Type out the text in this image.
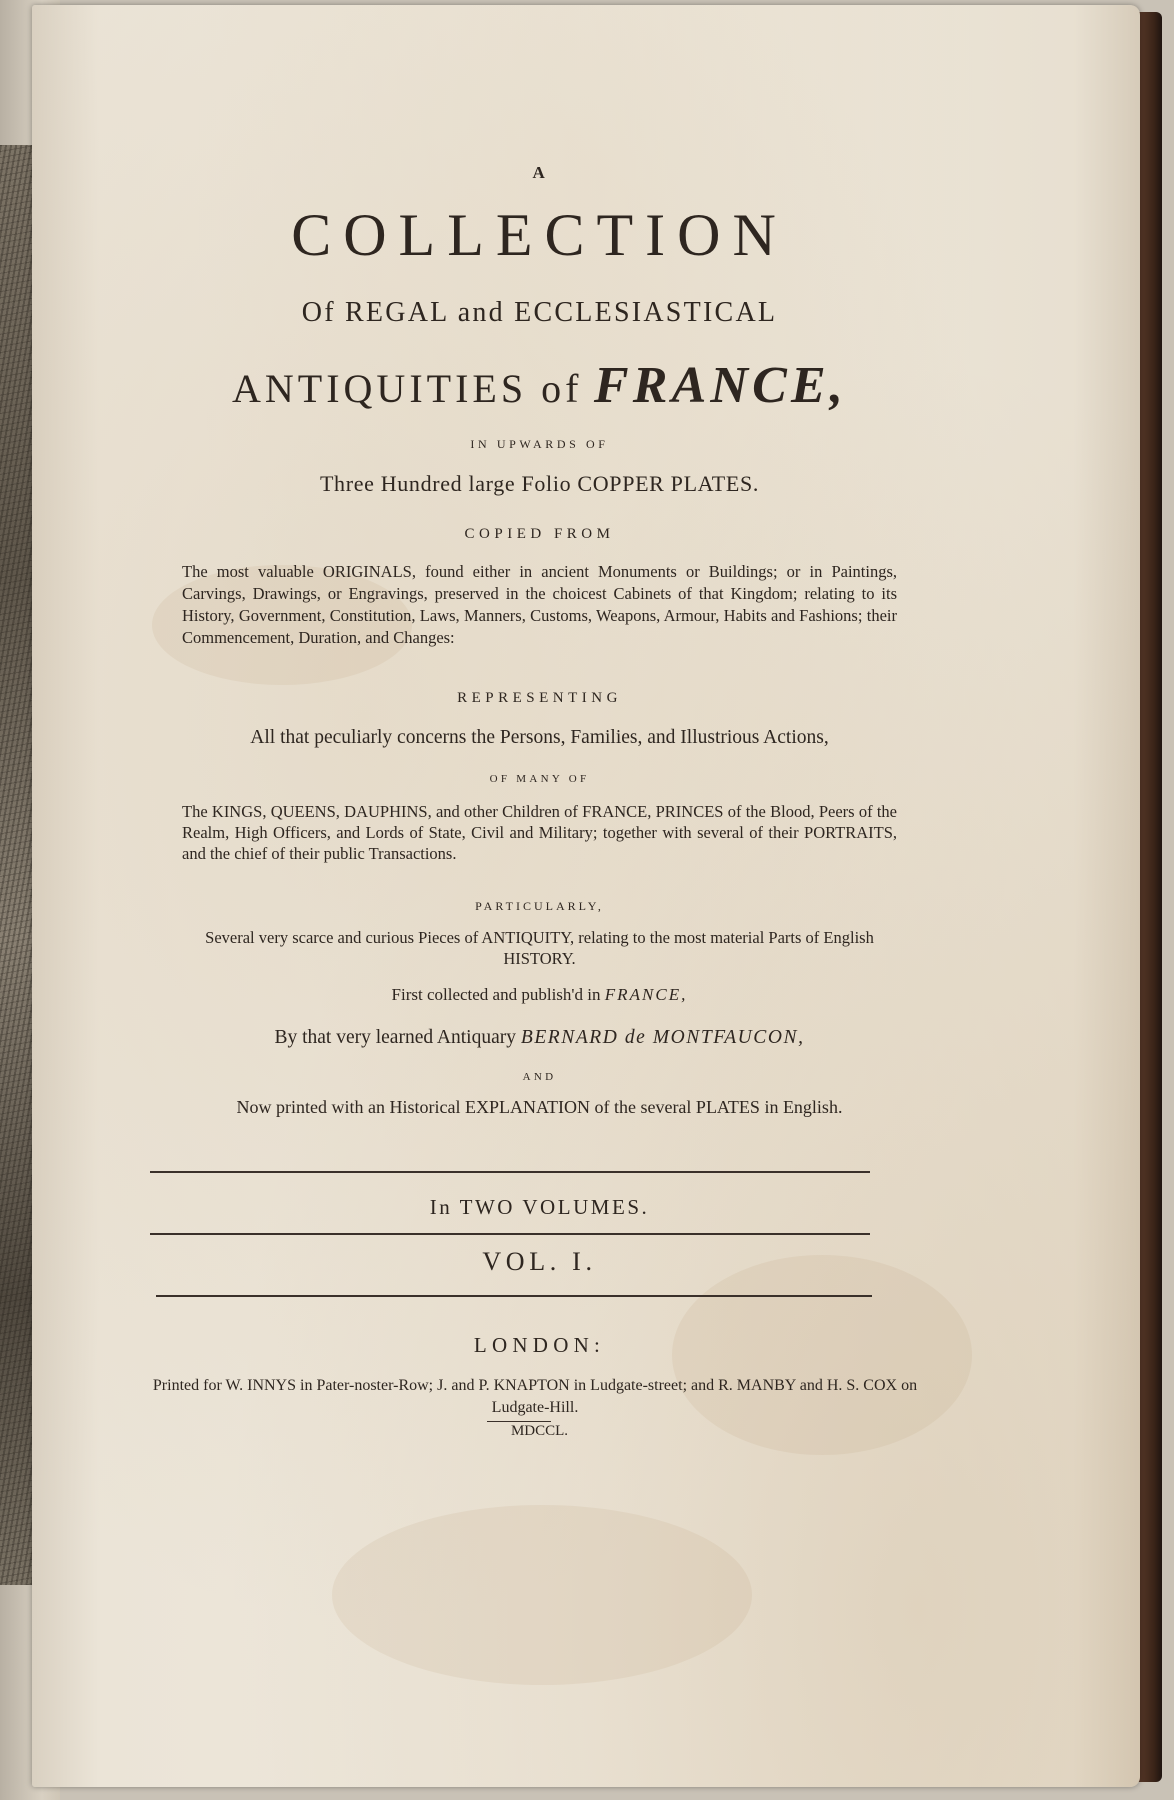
A
COLLECTION
Of REGAL and ECCLESIASTICAL
ANTIQUITIES of FRANCE,
IN UPWARDS OF
Three Hundred large Folio COPPER PLATES.
COPIED FROM
The most valuable ORIGINALS, found either in ancient Monuments or Buildings; or in Paintings, Carvings, Drawings, or Engravings, preserved in the choicest Cabinets of that Kingdom; relating to its History, Government, Constitution, Laws, Manners, Customs, Weapons, Armour, Habits and Fashions; their Commencement, Duration, and Changes:
REPRESENTING
All that peculiarly concerns the Persons, Families, and Illustrious Actions,
OF MANY OF
The KINGS, QUEENS, DAUPHINS, and other Children of FRANCE, PRINCES of the Blood, Peers of the Realm, High Officers, and Lords of State, Civil and Military; together with several of their PORTRAITS, and the chief of their public Transactions.
PARTICULARLY,
Several very scarce and curious Pieces of ANTIQUITY, relating to the most material Parts of English HISTORY.
First collected and publish'd in FRANCE,
By that very learned Antiquary BERNARD de MONTFAUCON,
AND
Now printed with an Historical EXPLANATION of the several PLATES in English.
In TWO VOLUMES.
VOL. I.
LONDON:
Printed for W. INNYS in Pater-noster-Row; J. and P. KNAPTON in Ludgate-street; and R. MANBY and H. S. COX on Ludgate-Hill.
MDCCL.
